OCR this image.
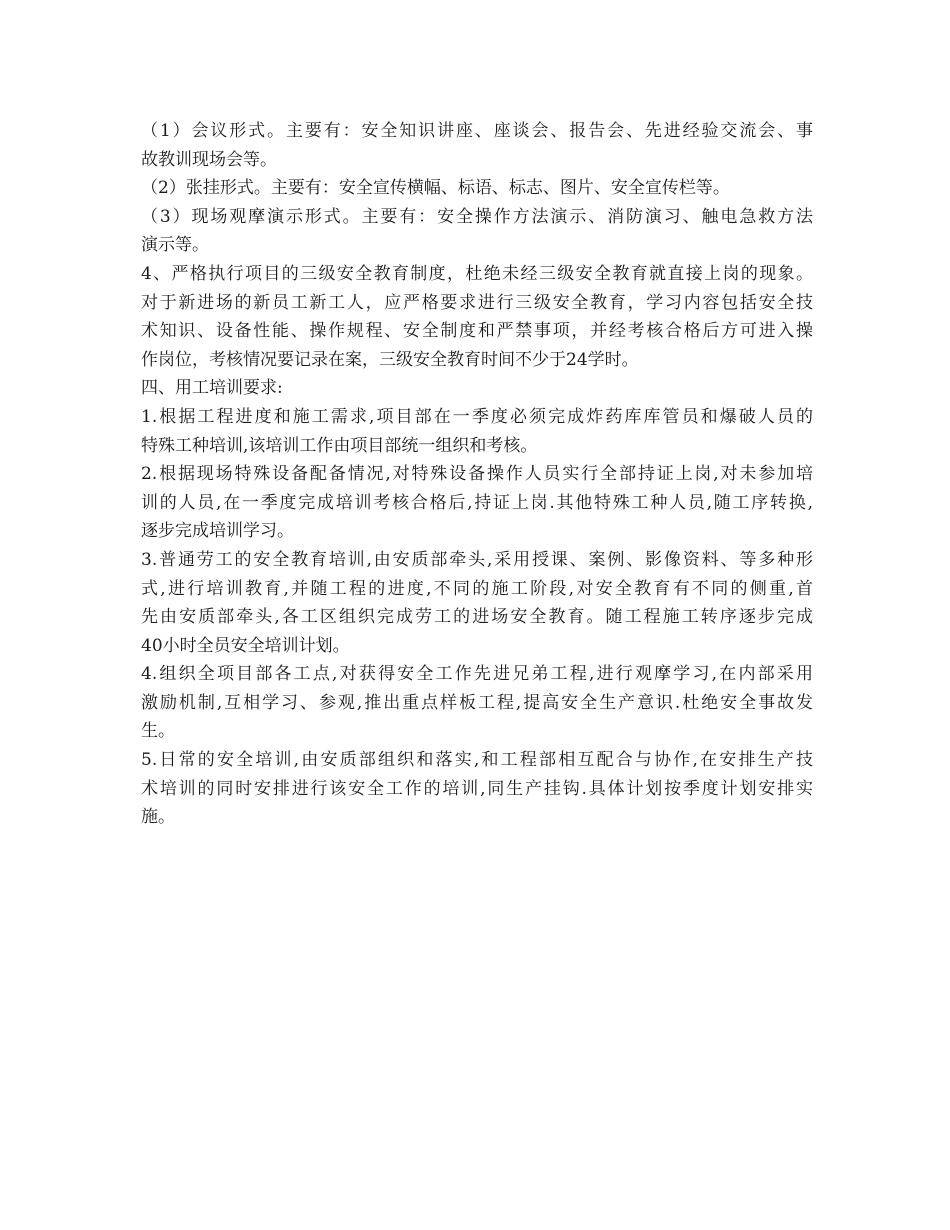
（1）会议形式。主要有：安全知识讲座、座谈会、报告会、先进经验交流会、事
故教训现场会等。
（2）张挂形式。主要有：安全宣传横幅、标语、标志、图片、安全宣传栏等。
（3）现场观摩演示形式。主要有：安全操作方法演示、消防演习、触电急救方法
演示等。
4、严格执行项目的三级安全教育制度，杜绝未经三级安全教育就直接上岗的现象。
对于新进场的新员工新工人，应严格要求进行三级安全教育，学习内容包括安全技
术知识、设备性能、操作规程、安全制度和严禁事项，并经考核合格后方可进入操
作岗位，考核情况要记录在案，三级安全教育时间不少于24学时。
四、用工培训要求:
1.根据工程进度和施工需求,项目部在一季度必须完成炸药库库管员和爆破人员的
特殊工种培训,该培训工作由项目部统一组织和考核。
2.根据现场特殊设备配备情况,对特殊设备操作人员实行全部持证上岗,对未参加培
训的人员,在一季度完成培训考核合格后,持证上岗.其他特殊工种人员,随工序转换,
逐步完成培训学习。
3.普通劳工的安全教育培训,由安质部牵头,采用授课、案例、影像资料、等多种形
式,进行培训教育,并随工程的进度,不同的施工阶段,对安全教育有不同的侧重,首
先由安质部牵头,各工区组织完成劳工的进场安全教育。随工程施工转序逐步完成
40小时全员安全培训计划。
4.组织全项目部各工点,对获得安全工作先进兄弟工程,进行观摩学习,在内部采用
激励机制,互相学习、参观,推出重点样板工程,提高安全生产意识.杜绝安全事故发
生。
5.日常的安全培训,由安质部组织和落实,和工程部相互配合与协作,在安排生产技
术培训的同时安排进行该安全工作的培训,同生产挂钩.具体计划按季度计划安排实
施。
